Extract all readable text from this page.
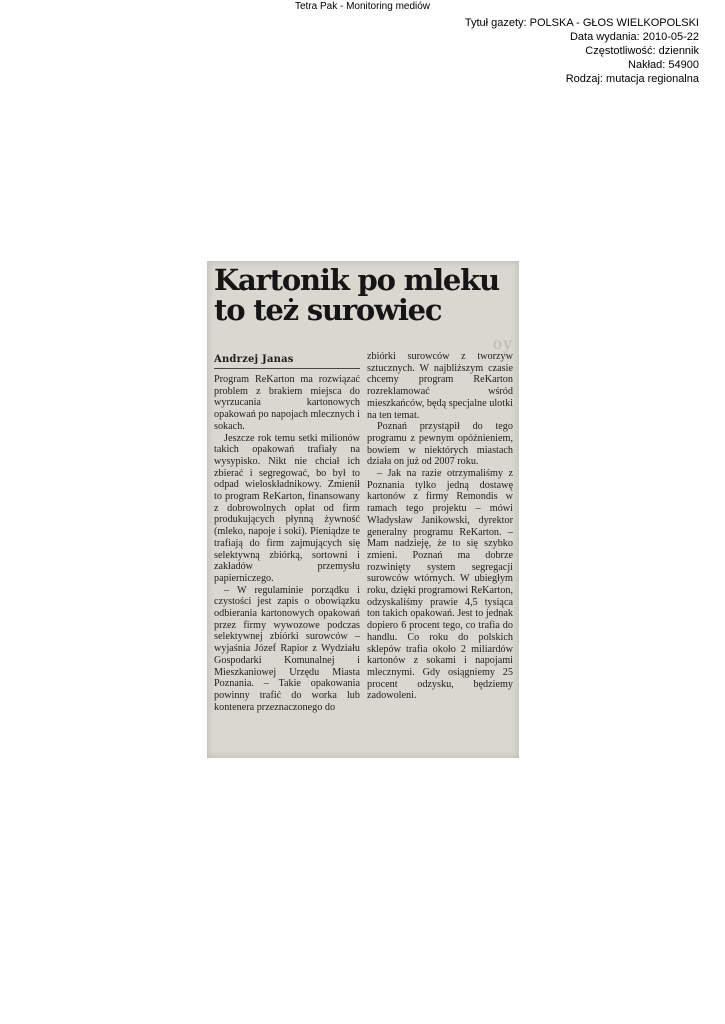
Tetra Pak - Monitoring mediów
Tytuł gazety: POLSKA - GŁOS WIELKOPOLSKI
Data wydania: 2010-05-22
Częstotliwość: dziennik
Nakład: 54900
Rodzaj: mutacja regionalna
oy
Kartonik po mleku
to też surowiec
Andrzej Janas

Program ReKarton ma rozwiązać problem z brakiem miejsca do wyrzucania kartonowych opakowań po napojach mlecznych i sokach.

Jeszcze rok temu setki milionów takich opakowań trafiały na wysypisko. Nikt nie chciał ich zbierać i segregować, bo był to odpad wieloskładnikowy. Zmienił to program ReKarton, finansowany z dobrowolnych opłat od firm produkujących płynną żywność (mleko, napoje i soki). Pieniądze te trafiają do firm zajmujących się selektywną zbiórką, sortowni i zakładów przemysłu papierniczego.

– W regulaminie porządku i czystości jest zapis o obowiązku odbierania kartonowych opakowań przez firmy wywozowe podczas selektywnej zbiórki surowców – wyjaśnia Józef Rapior z Wydziału Gospodarki Komunalnej i Mieszkaniowej Urzędu Miasta Poznania. – Takie opakowania powinny trafić do worka lub kontenera przeznaczonego do

zbiórki surowców z tworzyw sztucznych. W najbliższym czasie chcemy program ReKarton rozreklamować wśród mieszkańców, będą specjalne ulotki na ten temat.

Poznań przystąpił do tego programu z pewnym opóźnieniem, bowiem w niektórych miastach działa on już od 2007 roku.

– Jak na razie otrzymaliśmy z Poznania tylko jedną dostawę kartonów z firmy Remondis w ramach tego projektu – mówi Władysław Janikowski, dyrektor generalny programu ReKarton. – Mam nadzieję, że to się szybko zmieni. Poznań ma dobrze rozwinięty system segregacji surowców wtórnych. W ubiegłym roku, dzięki programowi ReKarton, odzyskaliśmy prawie 4,5 tysiąca ton takich opakowań. Jest to jednak dopiero 6 procent tego, co trafia do handlu. Co roku do polskich sklepów trafia około 2 miliardów kartonów z sokami i napojami mlecznymi. Gdy osiągniemy 25 procent odzysku, będziemy zadowoleni.
